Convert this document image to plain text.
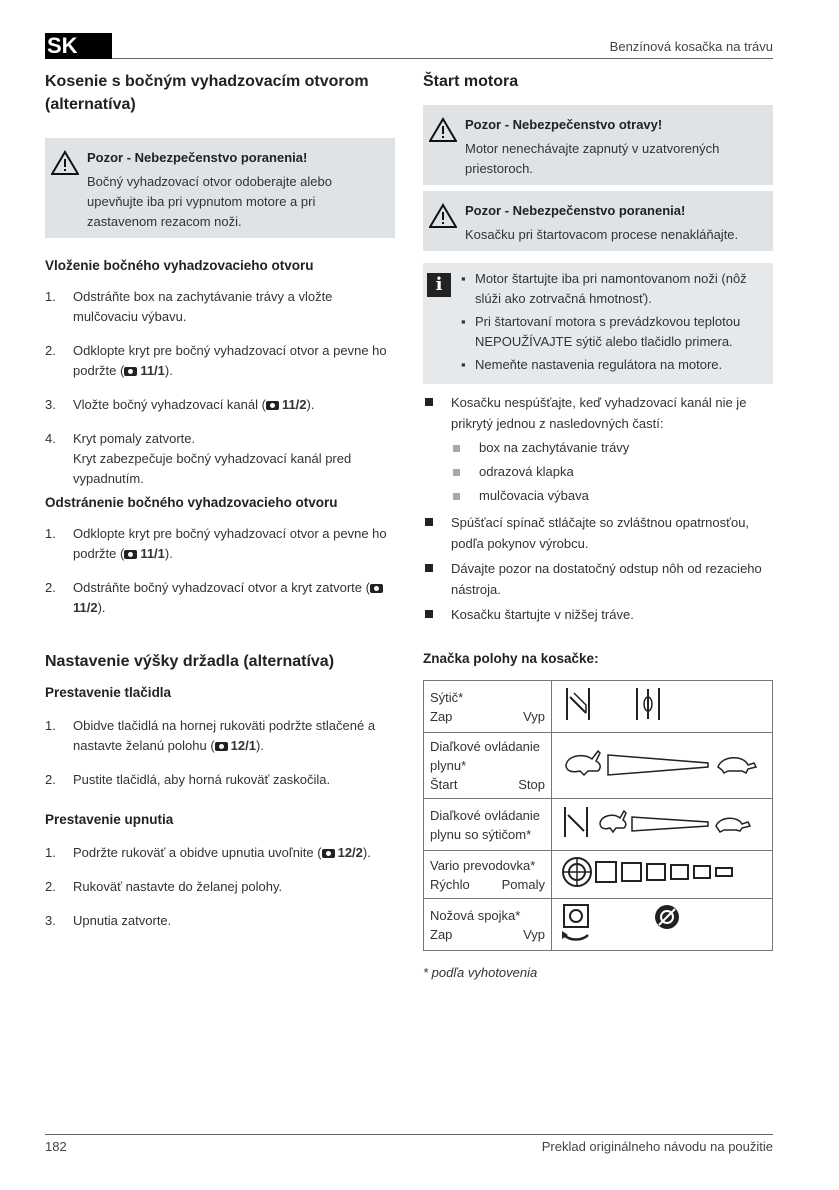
SK	Benzínová kosačka na trávu
Kosenie s bočným vyhadzovacím otvorom (alternatíva)
Pozor - Nebezpečenstvo poranenia!
Bočný vyhadzovací otvor odoberajte alebo upevňujte iba pri vypnutom motore a pri zastavenom rezacom noži.
Vloženie bočného vyhadzovacieho otvoru
1.	Odstráňte box na zachytávanie trávy a vložte mulčovaciu výbavu.
2.	Odklopte kryt pre bočný vyhadzovací otvor a pevne ho podržte ( 11/1).
3.	Vložte bočný vyhadzovací kanál ( 11/2).
4.	Kryt pomaly zatvorte.
Kryt zabezpečuje bočný vyhadzovací kanál pred vypadnutím.
Odstránenie bočného vyhadzovacieho otvoru
1.	Odklopte kryt pre bočný vyhadzovací otvor a pevne ho podržte ( 11/1).
2.	Odstráňte bočný vyhadzovací otvor a kryt zatvorte (11/2).
Nastavenie výšky držadla (alternatíva)
Prestavenie tlačidla
1.	Obidve tlačidlá na hornej rukoväti podržte stlačené a nastavte želanú polohu ( 12/1).
2.	Pustite tlačidlá, aby horná rukoväť zaskočila.
Prestavenie upnutia
1.	Podržte rukoväť a obidve upnutia uvoľnite ( 12/2).
2.	Rukoväť nastavte do želanej polohy.
3.	Upnutia zatvorte.
Štart motora
Pozor - Nebezpečenstvo otravy!
Motor nenechávajte zapnutý v uzatvorených priestoroch.
Pozor - Nebezpečenstvo poranenia!
Kosačku pri štartovacom procese nenakláňajte.
i	▪ Motor štartujte iba pri namontovanom noži (nôž slúži ako zotrvačná hmotnosť).
▪ Pri štartovaní motora s prevádzkovou teplotou NEPOUŽÍVAJTE sýtič alebo tlačidlo primera.
▪ Nemeňte nastavenia regulátora na motore.
Kosačku nespúšťajte, keď vyhadzovací kanál nie je prikrytý jednou z nasledovných častí:
box na zachytávanie trávy
odrazová klapka
mulčovacia výbava
Spúšťací spínač stláčajte so zvláštnou opatrnosťou, podľa pokynov výrobcu.
Dávajte pozor na dostatočný odstup nôh od rezacieho nástroja.
Kosačku štartujte v nižšej tráve.
Značka polohy na kosačke:
Sýtič*
Zap Vyp

Diaľkové ovládanie plynu*
Štart Stop

Diaľkové ovládanie plynu so sýtičom*

Vario prevodovka*
Rýchlo Pomaly

Nožová spojka*
Zap Vyp

* podľa vyhotovenia
182	Preklad originálneho návodu na použitie
